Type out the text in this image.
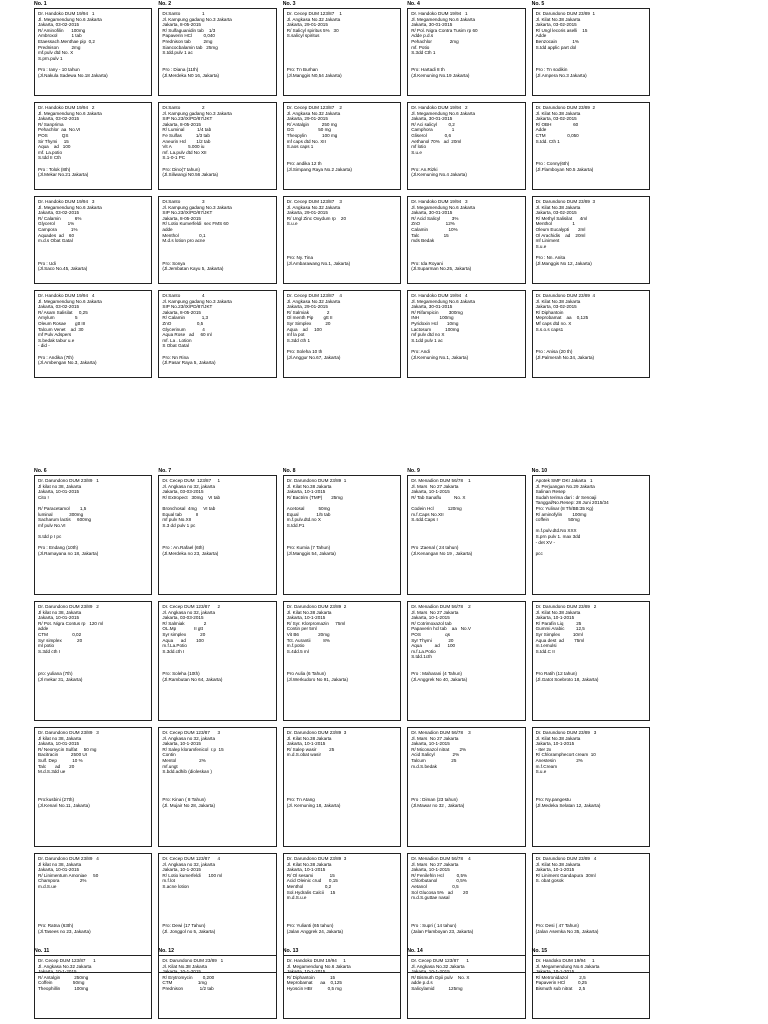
No. 1	No. 2	No. 3	No. 4	No. 5
Dr. Handoko DUM 19/94   1
Jl. Megamendung No.6 Jakarta
Jakarta, 03-02-2015
R/ Aminofilin      100mg
Ambroxol           1 tab
Etaessach.Menthae pip  0,2
Prednison          2mg
mf.pulv dtd No. X
S.prn.pulv 1

Pro : Iany - 10 tahun
(Jl.Nakula Sadewa No.18 Jakarta)
Dr.Santo                 1
Jl. Kampung gadang No.3 Jakarta
Jakarta, 8-05-2015
R/ Sulfaguanidin tab    1/3
Papaverin HCl         0,040
Prednison tab          2mg
Siancocbalamin tab   25mg
S.tdd.pulv 1 ac

Pro : Diana (11th)
(Jl.Merdeka N0 16, Jakarta)
Dr. Cecep DUM 123/87    1
Jl. Angkasa No.32 Jakarta
Jakarta, 29-01-2015
R/ Salicyl spiritus 5%   30
S.salicyl spiritus

Pro: Tn Burhan
(Jl.Manggis N0,54 Jakarta)
Dr. Handoko DUM 19/94   1
Jl. Megamendung No.6 Jakarta
Jakarta, 30-01-2015
R/ Pol. Nigra Contra Tusim rp 60
Adde p.d.s
Pehachlor              2mg
mf. Potio
S.3dd Cth 1

Pro: Hartadi 8 th
(Jl.Kemuning No.19 Jakarta)
Dr. Darundono DUM 23/89  1
Jl. Kilat No.38 Jakarta
Jakarta, 03-02-2015
R/ Ungl lecoris aselli    15
Adde
Benzocain            1%
S.tdd applic part dol

Pro : Tn sodikin
(Jl.Ampera No.3 Jakarta)
Dr. Handoko DUM 19/94   2
Jl. Megamendung No.6 Jakarta
Jakarta, 03-02-2015
R/ Sanprima
Pehachlor  aa  No.VI
POS           QS
Sir Thymi     15
Aqua    ad   100
mf. La.potio
S.tdd II Cth

Pro : Tolok (8th)
(Jl.Mekar No.21 Jakarta)
Dr.Santo                 2
Jl. Kampung gadang No.3 Jakarta
SIP No.23/IX/PD/87/JKT
Jakarta, 8-05-2015
R/ Luminal          1/4 tab
Fe Sulfas           1/3 tab
Aneurin Hcl        1/2 tab
Vit A             5.000 iu
mf. La.pulv dtd No XII
S.1-0-1 PC

Pro: Dino(7 tahun)
(Jl.Siliwangi N0.56 Jakarta)
Dr. Cecep DUM 123/87    2
Jl. Angkasa No.32 Jakarta
Jakarta, 29-01-2015
R/ Antalgin          250 mg
GG                   50 mg
Theopylin            100 mg
mf caps dtd No. XII
S.aos caps 1

Pro: andika 12 th
(Jl.Simpang Raya No.2 Jakarta)
Dr. Handoko DUM 19/94   2
Jl. Megamendung No.6 Jakarta
Jakarta, 30-01-2015
R/ Aci salicyl         0,2
Camphora               1
Gliserol              0,6
Aethanol 70%   ad  20ml
mf lotio
S.u.e

Pro: An.Rizki
(Jl.Kemuning No.4 Jakarta)
Dr. Darundono DUM 23/89  2
Jl. Kilat No.38 Jakarta
Jakarta, 03-02-2015
R/ OBH                 60
Adde
CTM                 0,050
S.tdd. Cth 1

Pro : Conny(6th)
(Jl.Flamboyan N0.5 Jakarta)
Dr. Handoko DUM 19/94   3
Jl. Megamendung No.6 Jakarta
Jakarta, 03-02-2015
R/ Calamin           6%
Glycerol          1%
Campora           1%
Aquades  ad    60
m.d.s Obat Gatal

Pro : Udi
(Jl.Saco No.45, Jakarta)
Dr.Santo                 3
Jl. Kampung gadang No.3 Jakarta
SIP No.23/IX/PD/87/JKT
Jakarta, 8-05-2015
R/ Lotio Kumerfeldi  sec FMS 60
adde
Menthol                0,1
M.d.s lotion pro acne

Pro: Sonya
(Jl.Jembatan Kayu 5, Jakarta)
Dr. Cecep DUM 123/87    3
Jl. Angkasa No.32 Jakarta
Jakarta, 29-01-2015
R/ Ungl Zinc Oxydum rp    20
S.u.e

Pro: Ny. Tina
(Jl.Ambarawang No.1, Jakarta)
Dr. Handoko DUM 19/94   3
Jl. Megamendung No.6 Jakarta
Jakarta, 30-01-2015
R/ Acid Salicyl         3%
ZnO                    12%
Calamin                10%
Talc                   15
mds Bedak

Pro: Ida Royani
(Jl.Suparman No.25, Jakarta)
Dr. Darundono DUM 23/89  3
Jl. Kilat No.38 Jakarta
Jakarta, 03-02-2015
R/ Methyl Salisilat      4ml
Menthol                1
Oleum Eucalypti       2ml
Ol Arachidis    ad    20ml
mf Liniment
S.u.e

Pro : Nn. Anita
(Jl.Manggis No 12, Jakarta)
Dr. Handoko DUM 19/94   4
Jl. Megamendung No.6 Jakarta
Jakarta, 03-02-2015
R/ Asam Salisilat     0,25
Amylum                5
Oleum Rosae       gtt III
Talcum Venet    ad  30
mf Pulv Adspers
S.bedak tabur u.e
- did -

Pro : Andika (7th)
(Jl.Ambengan No.3, Jakarta)
Dr.Santo                 4
Jl. Kampung gadang No.3 Jakarta
SIP No.23/IX/PD/87/JKT
Jakarta, 8-05-2015
R/ Calamin             1,3
ZnO                    0,5
Glycerinum             4
Aqua Rose   ad     60 ml
mf. La . Lotion
S Obat Gatal

Pro: Nn Rina
(Jl.Pasar Raya 5, Jakarta)
Dr. Cecep DUM 123/87    4
Jl. Angkasa No.32 Jakarta
Jakarta, 29-01-2015
R/ Salmiak              2
Ol menth Pip        gtt II
Syr Simplex           20
Aqua    ad     100
mf la pot
S.3dd cth 1

Pro: Soleha 10 th
(Jl.Anggur No.67, Jakarta)
Dr. Handoko DUM 19/94   4
Jl. Megamendung No.6 Jakarta
Jakarta, 30-01-2015
R/ Rifampicin        300mg
INH                100mg
Pyridoxin Hcl       10mg
Lactosum           100mg
mf pulv dtd no X
S.1dd pulv 1 ac

Pro: Andi
(Jl.Kemuning No.1, Jakarta)
Dr. Darundono DUM 23/89  4
Jl. Kilat No.38 Jakarta
Jakarta, 03-02-2015
R/ Diphantoin
Meprobamat    aa    0,125
Mf caps dtd no. X
S.s.o.s caps1

Pro : Anisa (20 th)
(Jl.Palmerah No.34, Jakarta)
No. 6	No. 7	No. 8	No. 9	No. 10
Dr. Darundono DUM 23/89   1
Jl kilat no 38, Jakarta
Jakarta, 10-01-2015
Cito !

R/ Paracetamol        1,5
luminal             300mg
Sacharum lactis     600mg
mf pulv No.VI

S.tdd p I pc

Pro : Endang (10th)
(Jl.Ramayana no 18, Jakarta)
Dr. Cecep DUM  123/87     1
Jl. Angkasa no 32, jakarta
Jakarta, 03-03-2015
R/ Extropect   30mg    VI tab

Bronchosal  4mg     VI tab
Equal tab           II
mf pulv No.XII
S.3 dd pulv 1 pc

Pro : An.Rafael (6th)
(Jl.Merdeka no 23, Jakarta)
Dr. Darundono DUM 23/89  1
Jl. Kilat No.38 Jakarta
Jakarta, 10-1-2015
R/ Bactrim (TMP)       25mg

Acetosal           50mg
Equal              1/5 tab
m.f.pulv.dtd.no X
S.tdd.P1

Pro: Kumia (7 Tahun)
(Jl.Manggis 54, Jakarta)
Dr. Menadion DUM 56/78    1
Jl. Mars  No 27 Jakarta
Jakarta, 10-1-2015
R/ Tab Sanaflu          No. X

Codein Hcl           120mg
m.f.Caps No.XII
S.4dd.Caps I

Pro :Zaenal ( 24 tahun)
(Jl.Kenangan No 19 , Jakarta)
Apotek SMF DKI Jakarta   1
Jl. Perjuangan No.29 Jakarta
Salinan Resep
Sudah terima dari : dr Senoaji
Tanggal/No.Resep: 28 Juni 2015/34
Pro: Yulinar (8 Th/BB:35 Kg)
R/ aminofylin        100mg
coffein               50mg

m.f.pulv.dtd.No XXX
S.prn pulv 1. max 3dd
- det XV -

pcc
Dr. Darundono DUM 23/89   2
Jl kilat no 38, Jakarta
Jakarta, 10-01-2015
R/ Pot. Nigra Contus rp   120 ml
adde
CTM                   0,02
Syr simplex            20
ml potio
S.3dd cth I

pro: yuliana (7th)
(Jl mekar 31, Jakarta)
Dr. Cecep DUM 123/87      2
Jl. Angkasa no 32, jakarta
Jakarta, 03-03-2015
R/ Salmiak               2
OL.Mp              II gtt
Syr simplex           20
Aqua      ad        100
m.f.La.Potio
S.3dd.cth I

Pro: Soleha (10th)
(Jl.Rambutan No 64, Jakarta)
Dr. Darundono DUM 23/89  2
Jl. Kilat No.38 Jakarta
Jakarta, 10-1-2015
R/ Syr. Klorpromazin     75ml
Contin per 5ml
Vit B6               20mg
Tct. Aurantii          8%
m.f.potio
S.4dd.5 ml

Pro Aulia (6 Tahun)
(Jl.Werkudoro No 91, Jakarta)
Dr. Menadion DUM 56/78    2
Jl. Mars  No 27 Jakarta
Jakarta, 10-1-2015
R/ Cotrimoxazol tab
Papaverin hcl tab    aa   No.V
POS                   qs
Syr Thymi             20
Aqua          ad      100
m.f.La.Potio
S.tdd.1cth

Pro : Maharani (4 Tahun)
(Jl.Anggrek No 40, Jakarta)
Dr. Darundono DUM 23/89   2
Jl. Kilat No.38 Jakarta
Jakarta, 10-1-2015
R/ Parafin Liq          25
Gummi Arabic         12,5
Syr Simplex          10ml
Aqua dest  ad        75ml
m.t.emulsi
S.tdd.C II

Pro Ratih (12 tahun)
(Jl.Gatot Soebroto 18, Jakarta)
Dr. Darundono DUM 23/89   3
Jl kilat no 38, Jakarta
Jakarta, 10-01-2015
R/ Neomycin Sulfat     50 mg
Bacitracin          2500 UI
Sulf. Dep            10 %
Talc       ad       20
M.d.S.3dd ue

Pro:kusbini (27th)
(Jl.Kenari No.11, Jakarta)
Dr. Cecep DUM 123/87      3
Jl. Angkasa no 32, jakarta
Jakarta, 10-1-2015
R/ Salep kloramfenicol  r.p  15
Contin
Mentol                  2%
mf.ungt
S.bdd.adhib (dioleskan )

Pro: Kinan ( 8 Tahun)
(Jl. Mujair No 28, Jakarta)
Dr. Darundono DUM 23/89  3
Jl. Kilat No.38 Jakarta
Jakarta, 10-1-2015
R/ Salep wasir          25
m.d.S.obat wasir

Pro: Tn Atang
(Jl. Kemuning 18, Jakarta)
Dr. Menadion DUM 56/78    3
Jl. Mars  No 27 Jakarta
Jakarta, 10-1-2015
R/ Miconazol nitrat        2%
Acid Salicyl              2%
Talcum                    25
m.d.S.bedak

Pro : Diman (23 tahun)
(Jl.Mawar no 32 , Jakarta)
Dr. Darundono DUM 23/89   3
Jl. Kilat No.38 Jakarta
Jakarta, 10-1-2015
- Iter 2x
R/ Chloramphecort cream  10
Anestesin                2%
m.f.Cream
S.u.e

Pro: Ny.pangestu
(Jl.Medeka Selatan 12, Jakarta)
Dr. Darundono DUM 23/89   4
Jl kilat no 38, Jakarta
Jakarta, 10-01-2015
R/ Linimentum Amoniae     50
Champora                2%
m.d.S.ue

Pro: Ratna (63th)
(Jl.Tasees no 23, Jakarta)
Dr. Cecep DUM 123/87      4
Jl. Angkasa no 32, jakarta
Jakarta, 10-1-2015
R/ Lotio kumerfeldi      100 ml
m.f.lot
S.acne lotion

Pro: Dewi (17 Tahun)
(Jl. Jonggol no 5, Jakarta)
Dr. Darundono DUM 23/89  3
Jl. Kilat No.38 Jakarta
Jakarta, 10-1-2015
R/ Ol sesami             15
Acid Oleinic crud      0,15
Menthol                 0,2
Sol.Hydralis Calcii     15
m.d.S.u.e

Pro: Yulianti (65 tahun)
(Jalan Anggrek 24, Jakarta)
Dr. Menadion DUM 56/78    4
Jl. Mars  No 27 Jakarta
Jakarta, 10-1-2015
R/ Fenilefrin Hcl          0,5%
Chlorbutanol               0,5%
Aetanol                    0,5
Sol Glucosa 5%   ad        20
m.d.S.guttae nasal

Pro : Supri ( 14 tahun)
(Jalan Flamboyan 23, Jakarta)
Dr. Darundono DUM 23/89   4
Jl. Kilat No.38 Jakarta
Jakarta, 10-1-2015
R/ Liniment Gandapura  30ml
S. obat gosok

Pro: Desi ( 47 Tahun)
(Jalan Asemka No 35, Jakarta)
No. 11	No. 12	No. 13	No. 14	No. 15
Dr. Cecep DUM 123/87      1
Jl. Angkasa No.32 Jakarta
Jakarta, 10-1-2015
R/ Antalgin           250mg
Coffein                50mg
Theophillin           100mg
Dr. Darundono DUM 23/89   1
Jl. Kilat No.38 Jakarta
Jakarta, 10-1-2015
R/ Erytromycin        0,200
CTM                    1mg
Prednison             1/2 tab
Dr. Handoko DUM 19/94     1
Jl. Megamendung No.6 Jakarta
Jakarta, 10-1-2015
R/ Diphantoin            15
Meprobamat      aa    0,125
Hyoscin HBr            0,5 mg
Dr. Cecep DUM 123/87      1
Jl. Angkasa No.32 Jakarta
Jakarta, 10-1-2015
R/ Bismuth Opii pulv    No. X
adde p.d.s
Salicylamid           125mg
Dr. Handoko DUM 19/94     1
Jl. Megamendung No.6 Jakarta
Jakarta, 10-1-2015
R/ Metronidazol         2,5
Papaverin HCl          0,25
Bismuth sub nitrat     2,5
